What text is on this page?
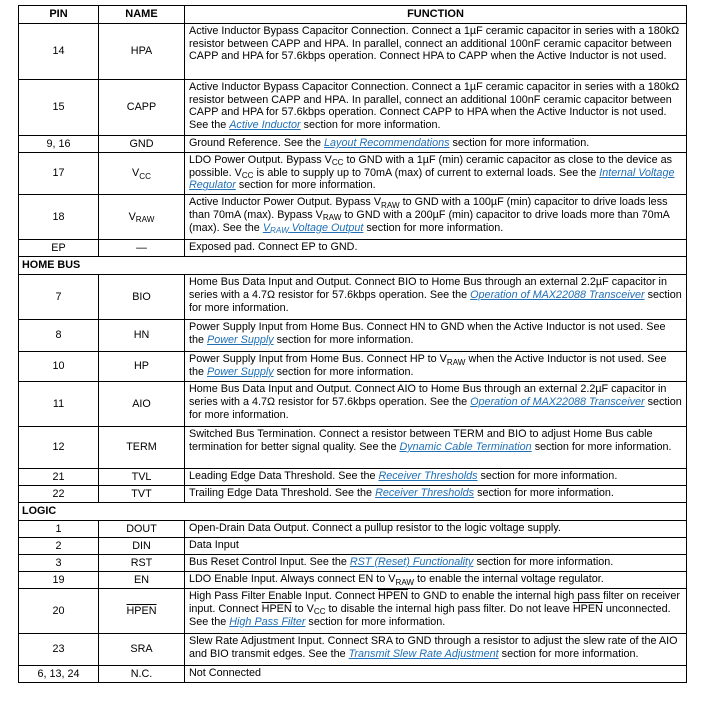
PIN	NAME	FUNCTION
14	HPA	Active Inductor Bypass Capacitor Connection. Connect a 1µF ceramic capacitor in series with a 180kΩ resistor between CAPP and HPA. In parallel, connect an additional 100nF ceramic capacitor between CAPP and HPA for 57.6kbps operation. Connect HPA to CAPP when the Active Inductor is not used.
15	CAPP	Active Inductor Bypass Capacitor Connection. Connect a 1µF ceramic capacitor in series with a 180kΩ resistor between CAPP and HPA. In parallel, connect an additional 100nF ceramic capacitor between CAPP and HPA for 57.6kbps operation. Connect CAPP to HPA when the Active Inductor is not used. See the Active Inductor section for more information.
9, 16	GND	Ground Reference. See the Layout Recommendations section for more information.
17	$V_{CC}$	LDO Power Output. Bypass $V_{CC}$ to GND with a 1µF (min) ceramic capacitor as close to the device as possible. $V_{CC}$ is able to supply up to 70mA (max) of current to external loads. See the Internal Voltage Regulator section for more information.
18	$V_{RAW}$	Active Inductor Power Output. Bypass $V_{RAW}$ to GND with a 100µF (min) capacitor to drive loads less than 70mA (max). Bypass $V_{RAW}$ to GND with a 200µF (min) capacitor to drive loads more than 70mA (max). See the $V_{RAW}$ Voltage Output section for more information.
EP	—	Exposed pad. Connect EP to GND.
HOME BUS		
7	BIO	Home Bus Data Input and Output. Connect BIO to Home Bus through an external 2.2µF capacitor in series with a 4.7Ω resistor for 57.6kbps operation. See the Operation of MAX22088 Transceiver section for more information.
8	HN	Power Supply Input from Home Bus. Connect HN to GND when the Active Inductor is not used. See the Power Supply section for more information.
10	HP	Power Supply Input from Home Bus. Connect HP to $V_{RAW}$ when the Active Inductor is not used. See the Power Supply section for more information.
11	AIO	Home Bus Data Input and Output. Connect AIO to Home Bus through an external 2.2µF capacitor in series with a 4.7Ω resistor for 57.6kbps operation. See the Operation of MAX22088 Transceiver section for more information.
12	TERM	Switched Bus Termination. Connect a resistor between TERM and BIO to adjust Home Bus cable termination for better signal quality. See the Dynamic Cable Termination section for more information.
21	TVL	Leading Edge Data Threshold. See the Receiver Thresholds section for more information.
22	TVT	Trailing Edge Data Threshold. See the Receiver Thresholds section for more information.
LOGIC		
1	DOUT	Open-Drain Data Output. Connect a pullup resistor to the logic voltage supply.
2	DIN	Data Input
3	RST	Bus Reset Control Input. See the RST (Reset) Functionality section for more information.
19	EN	LDO Enable Input. Always connect EN to $V_{RAW}$ to enable the internal voltage regulator.
20	HPEN	High Pass Filter Enable Input. Connect HPEN to GND to enable the internal high pass filter on receiver input. Connect HPEN to $V_{CC}$ to disable the internal high pass filter. Do not leave HPEN unconnected. See the High Pass Filter section for more information.
23	SRA	Slew Rate Adjustment Input. Connect SRA to GND through a resistor to adjust the slew rate of the AIO and BIO transmit edges. See the Transmit Slew Rate Adjustment section for more information.
6, 13, 24	N.C.	Not Connected
